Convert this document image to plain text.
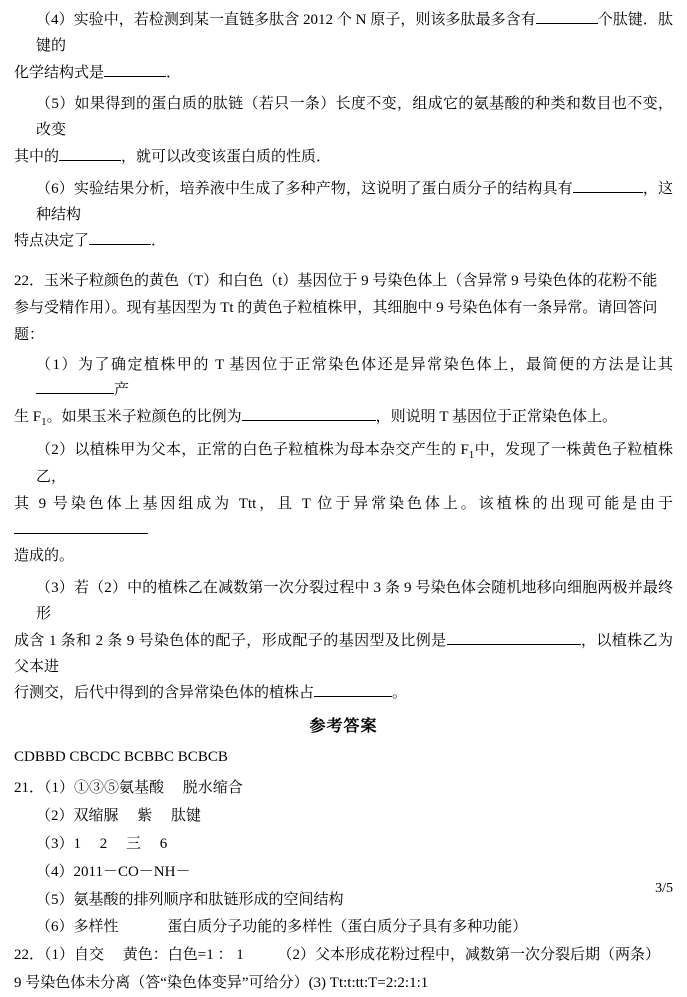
（4）实验中，若检测到某一直链多肽含 2012 个 N 原子，则该多肽最多含有	个肽键．肽键的

化学结构式是	．

（5）如果得到的蛋白质的肽链（若只一条）长度不变，组成它的氨基酸的种类和数目也不变，改变

其中的	，就可以改变该蛋白质的性质．

（6）实验结果分析，培养液中生成了多种产物，这说明了蛋白质分子的结构具有	，这种结构

特点决定了	．

22．玉米子粒颜色的黄色（T）和白色（t）基因位于 9 号染色体上（含异常 9 号染色体的花粉不能

参与受精作用）。现有基因型为 Tt 的黄色子粒植株甲，其细胞中 9 号染色体有一条异常。请回答问

题：

（1）为了确定植株甲的 T 基因位于正常染色体还是异常染色体上，最简便的方法是让其产

生 $F_1$。如果玉米子粒颜色的比例为	，则说明 T 基因位于正常染色体上。

（2）以植株甲为父本，正常的白色子粒植株为母本杂交产生的 $F_1$中，发现了一株黄色子粒植株乙，

其 9 号染色体上基因组成为 Ttt，且 T 位于异常染色体上。该植株的出现可能是由于

造成的。

（3）若（2）中的植株乙在减数第一次分裂过程中 3 条 9 号染色体会随机地移向细胞两极并最终形

成含 1 条和 2 条 9 号染色体的配子，形成配子的基因型及比例是	，以植株乙为父本进

行测交，后代中得到的含异常染色体的植株占	。

参考答案

CDBBD CBCDC BCBBC BCBCB

21．（1）①③⑤氨基酸　 脱水缩合

（2）双缩脲　 紫　 肽键

（3）1　 2　 三　 6

（4）2011－CO－NH－

（5）氨基酸的排列顺序和肽链形成的空间结构

（6）多样性　　　 蛋白质分子功能的多样性（蛋白质分子具有多种功能）

22．（1）自交　 黄色：白色=1 ： 1　　 （2）父本形成花粉过程中，减数第一次分裂后期（两条）

9 号染色体未分离（答“染色体变异”可给分）(3) Tt:t:tt:T=2:2:1:1

3/5
